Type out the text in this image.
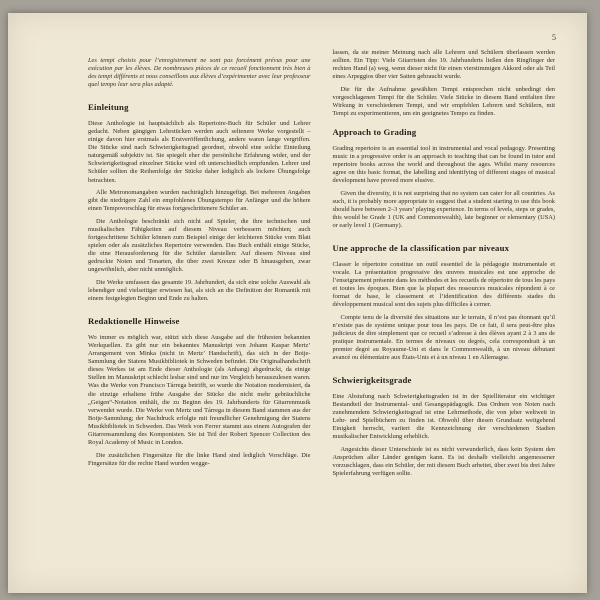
5

Les tempi choisis pour l’enregistrement ne sont pas forcément prévus pour une exécution par les élèves. De nombreuses pièces de ce recueil fonctionnent très bien à des tempi différents et nous conseillons aux élèves d’expérimenter avec leur professeur quel tempo leur sera plus adapté.

Einleitung

Diese Anthologie ist hauptsächlich als Repertoire-Buch für Schüler und Lehrer gedacht. Neben gängigen Lehrstücken werden auch seltenere Werke vorgestellt – einige davon hier erstmals als Erstveröffentlichung, andere waren lange vergriffen. Die Stücke sind nach Schwierigkeitsgrad geordnet, obwohl eine solche Einteilung naturgemäß subjektiv ist. Sie spiegelt eher die persönliche Erfahrung wider, und der Schwierigkeitsgrad einzelner Stücke wird oft unterschiedlich empfunden. Lehrer und Schüler sollten die Reihenfolge der Stücke daher lediglich als lockere Übungsfolge betrachten.

Alle Metronomangaben wurden nachträglich hinzugefügt. Bei mehreren Angaben gibt die niedrigere Zahl ein empfohlenes Übungstempo für Anfänger und die höhere einen Tempovorschlag für etwas fortgeschrittenere Schüler an.

Die Anthologie beschränkt sich nicht auf Spieler, die ihre technischen und musikalischen Fähigkeiten auf diesem Niveau verbessern möchten; auch fortgeschrittene Schüler können zum Beispiel einige der leichteren Stücke vom Blatt spielen oder als zusätzliches Repertoire verwenden. Das Buch enthält einige Stücke, die eine Herausforderung für die Schüler darstellen: Auf diesem Niveau sind gedruckte Noten und Tonarten, die über zwei Kreuze oder B hinausgehen, zwar ungewöhnlich, aber nicht unmöglich.

Die Werke umfassen das gesamte 19. Jahrhundert, da sich eine solche Auswahl als lebendiger und vielseitiger erwiesen hat, als sich an die Definition der Romantik mit einem festgelegten Beginn und Ende zu halten.

Redaktionelle Hinweise

Wo immer es möglich war, stützt sich diese Ausgabe auf die frühesten bekannten Werkquellen. Es gibt nur ein bekanntes Manuskript von Johann Kaspar Mertz’ Arrangement von Minka (nicht in Mertz’ Handschrift), das sich in der Boije-Sammlung der Statens Musikbibliotek in Schweden befindet. Die Originalhandschrift dieses Werkes ist am Ende dieser Anthologie (als Anhang) abgedruckt, da einige Stellen im Manuskript schlecht lesbar sind und nur im Vergleich herauszulesen waren. Was die Werke von Francisco Tárrega betrifft, so wurde die Notation modernisiert, da die einzige erhaltene frühe Ausgabe der Stücke die nicht mehr gebräuchliche „Geigen“-Notation enthält, die zu Beginn des 19. Jahrhunderts für Gitarrenmusik verwendet wurde. Die Werke von Mertz und Tárrega in diesem Band stammen aus der Boije-Sammlung; der Nachdruck erfolgte mit freundlicher Genehmigung der Statens Musikbibliotek in Schweden. Das Werk von Ferrer stammt aus einem Autografen der Gitarrensammlung des Komponisten. Sie ist Teil der Robert Spencer Collection des Royal Academy of Music in London.

Die zusätzlichen Fingersätze für die linke Hand sind lediglich Vorschläge. Die Fingersätze für die rechte Hand wurden wegge-

lassen, da sie meiner Meinung nach alle Lehrern und Schülern überlassen werden sollten. Ein Tipp: Viele Gitarristen des 19. Jahrhunderts ließen den Ringfinger der rechten Hand (a) weg, wenn dieser nicht für einen vierstimmigen Akkord oder als Teil eines Arpeggios über vier Saiten gebraucht wurde.

Die für die Aufnahme gewählten Tempi entsprechen nicht unbedingt den vorgeschlagenen Tempi für die Schüler. Viele Stücke in diesem Band entfalten ihre Wirkung in verschiedenen Tempi, und wir empfehlen Lehrern und Schülern, mit Tempi zu experimentieren, um ein geeignetes Tempo zu finden.

Approach to Grading

Grading repertoire is an essential tool in instrumental and vocal pedagogy. Presenting music in a progressive order is an approach to teaching that can be found in tutor and repertoire books across the world and throughout the ages. Whilst many resources agree on this basic format, the labelling and identifying of different stages of musical development have proved more elusive.

Given the diversity, it is not surprising that no system can cater for all countries. As such, it is probably more appropriate to suggest that a student starting to use this book should have between 2–3 years’ playing experience. In terms of levels, steps or grades, this would be Grade 1 (UK and Commonwealth), late beginner or elementary (USA) or early level 1 (Germany).

Une approche de la classification par niveaux

Classer le répertoire constitue un outil essentiel de la pédagogie instrumentale et vocale. La présentation progressive des œuvres musicales est une approche de l’enseignement présente dans les méthodes et les recueils de répertoire de tous les pays et toutes les époques. Bien que la plupart des ressources musicales répondent à ce format de base, le classement et l’identification des différents stades du développement musical sont des sujets plus difficiles à cerner.

Compte tenu de la diversité des situations sur le terrain, il n’est pas étonnant qu’il n’existe pas de système unique pour tous les pays. De ce fait, il sera peut-être plus judicieux de dire simplement que ce recueil s’adresse à des élèves ayant 2 à 3 ans de pratique instrumentale. En termes de niveaux ou degrés, cela correspondrait à un premier degré au Royaume-Uni et dans le Commonwealth, à un niveau débutant avancé ou élémentaire aux États-Unis et à un niveau 1 en Allemagne.

Schwierigkeitsgrade

Eine Abstufung nach Schwierigkeitsgraden ist in der Spielliteratur ein wichtiger Bestandteil der Instrumental- und Gesangspädagogik. Das Ordnen von Noten nach zunehmendem Schwierigkeitsgrad ist eine Lehrmethode, die von jeher weltweit in Lehr- und Spielbüchern zu finden ist. Obwohl über diesen Grundsatz weitgehend Einigkeit herrscht, variiert die Kennzeichnung der verschiedenen Stadien musikalischer Entwicklung erheblich.

Angesichts dieser Unterschiede ist es nicht verwunderlich, dass kein System den Ansprüchen aller Länder genügen kann. Es ist deshalb vielleicht angemessener vorzuschlagen, dass ein Schüler, der mit diesem Buch arbeitet, über zwei bis drei Jahre Spielerfahrung verfügen sollte.
